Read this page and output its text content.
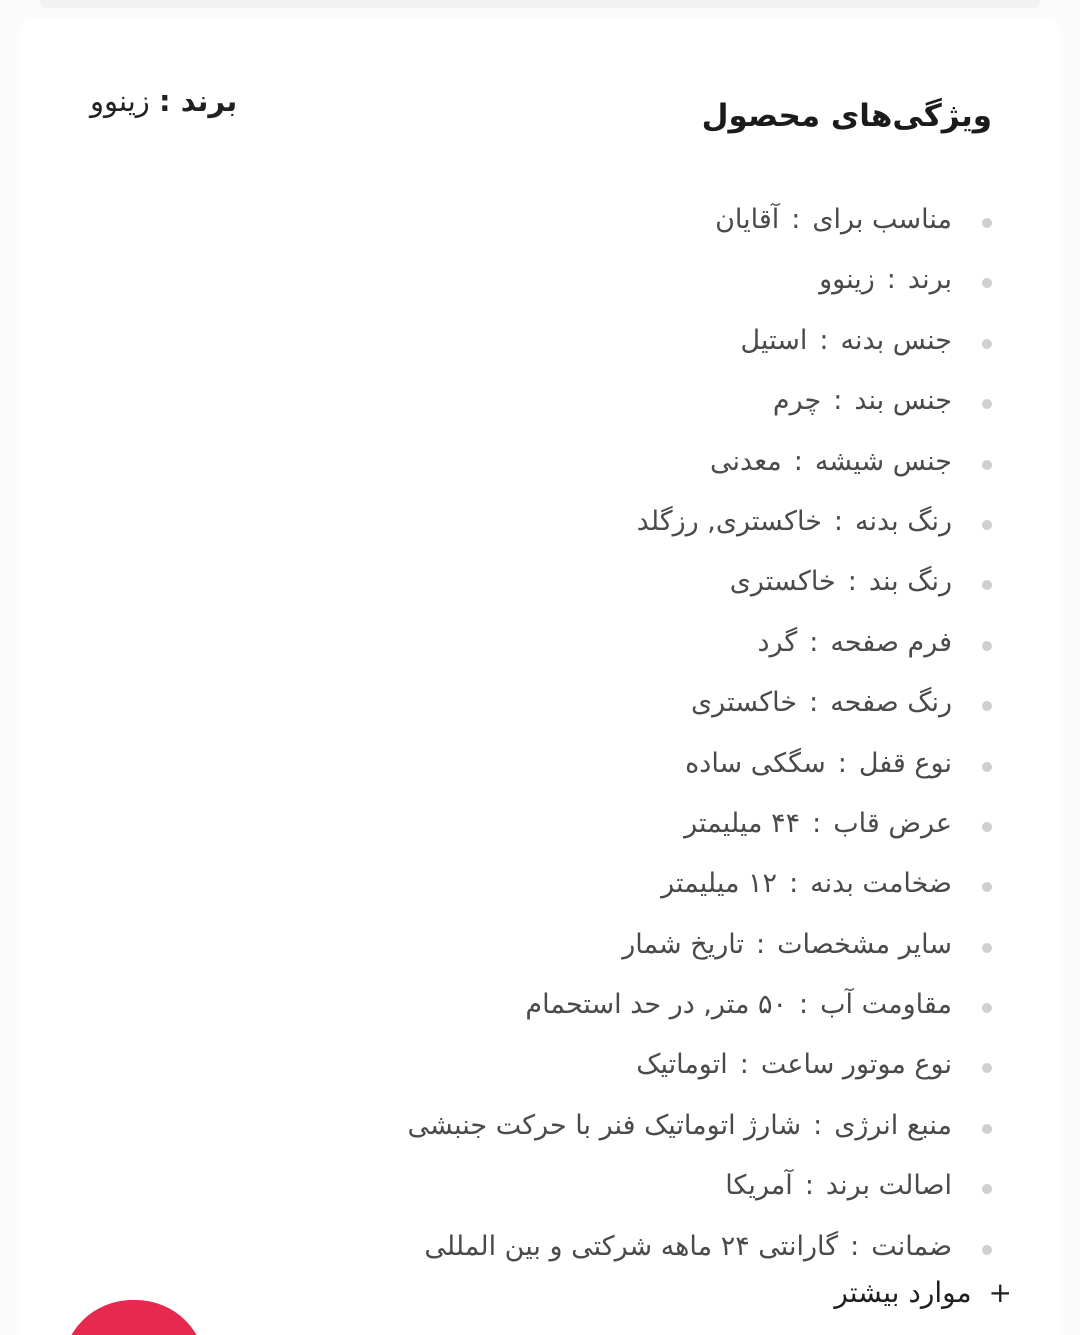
ویژگی‌های محصول
برند : زینوو
مناسب برای:آقایان
برند:زینوو
جنس بدنه:استیل
جنس بند:چرم
جنس شیشه:معدنی
رنگ بدنه:خاکستری, رزگلد
رنگ بند:خاکستری
فرم صفحه:گرد
رنگ صفحه:خاکستری
نوع قفل:سگکی ساده
عرض قاب:۴۴ میلیمتر
ضخامت بدنه:۱۲ میلیمتر
سایر مشخصات:تاریخ شمار
مقاومت آب:۵۰ متر, در حد استحمام
نوع موتور ساعت:اتوماتیک
منبع انرژی:شارژ اتوماتیک فنر با حرکت جنبشی
اصالت برند:آمریکا
ضمانت:گارانتی ۲۴ ماهه شرکتی و بین المللی
+ موارد بیشتر
